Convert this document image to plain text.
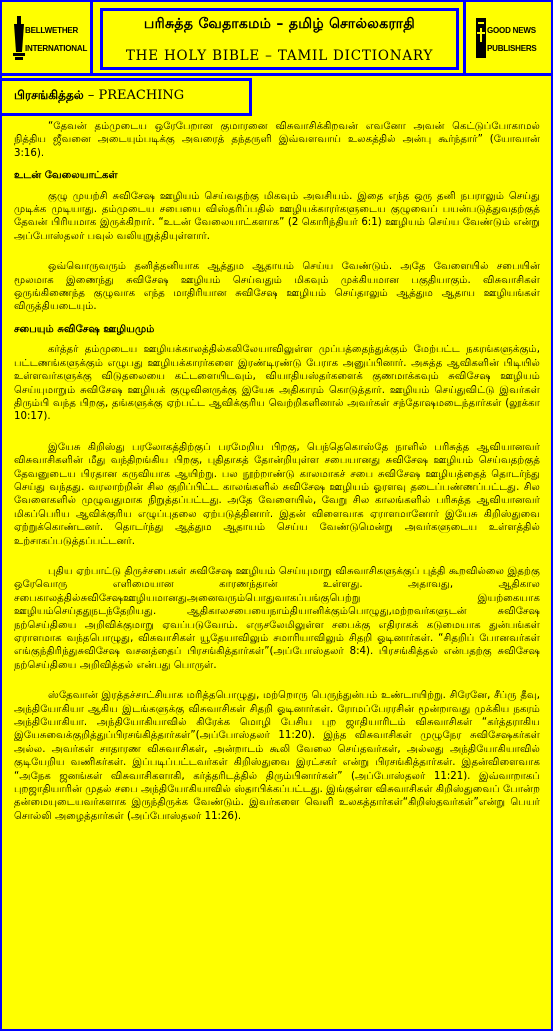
BELLWETHER
INTERNATIONAL
பரிசுத்த வேதாகமம் – தமிழ் சொல்லகராதி
THE HOLY BIBLE – TAMIL DICTIONARY
GOOD NEWS
PUBLISHERS
பிரசங்கித்தல் – PREACHING

“தேவன் தம்முடைய ஒரேபேறான குமாரனை விசுவாசிக்கிறவன் எவனோ அவன் கெட்டுப்போகாமல் நித்திய ஜீவனை அடையும்படிக்கு அவரைத் தந்தருளி இவ்வளவாய் உலகத்தில் அன்பு கூர்ந்தார்” (யோவான் 3:16).

உடன் வேலையாட்கள்

குழு முயற்சி சுவிசேஷ ஊழியம் செய்வதற்கு மிகவும் அவசியம். இதை எந்த ஒரு தனி நபராலும் செய்து முடிக்க முடியாது. தம்முடைய சபையை விஸ்தரிப்பதில் ஊழியக்காரர்களுடைய குழுவைப் பயன்படுத்துவதற்குத் தேவன் பிரியமாக இருக்கிறார். “உடன் வேலையாட்களாக” (2 கொரிந்தியர் 6:1) ஊழியம் செய்ய வேண்டும் என்று அப்போஸ்தலர் பவுல் வலியுறுத்தியுள்ளார்.

ஒவ்வொருவரும் தனித்தனியாக ஆத்தும ஆதாயம் செய்ய வேண்டும். அதே வேளையில் சபையின் மூலமாக இணைந்து சுவிசேஷ ஊழியம் செய்வதும் மிகவும் முக்கியமான பகுதியாகும். விசுவாசிகள் ஒருங்கிணைந்த குழுவாக எந்த மாதிரியான சுவிசேஷ ஊழியம் செய்தாலும் ஆத்தும ஆதாய ஊழியங்கள் விருத்தியடையும்.

சபையும் சுவிசேஷ ஊழியமும்

கர்த்தர் தம்முடைய ஊழியக்காலத்தில்கலிலேயாவிலுள்ள முப்பத்தைந்துக்கும் மேற்பட்ட நகரங்களுக்கும், பட்டணங்களுக்கும் எழுபது ஊழியக்காரர்களை இரண்டிரண்டு பேராக அனுப்பினார். அசுத்த ஆவிகளின் பிடியில் உள்ளவர்களுக்கு விடுதலையை கட்டளையிடவும், வியாதியஸ்தர்களைக் குணமாக்கவும் சுவிசேஷ ஊழியம் செய்யுமாறும் சுவிசேஷ ஊழியக் குழுவினருக்கு இயேசு அதிகாரம் கொடுத்தார். ஊழியம் செய்துவிட்டு இவர்கள் திரும்பி வந்த பிறகு, தங்களுக்கு ஏற்பட்ட ஆவிக்குரிய வெற்றிகளினால் அவர்கள் சந்தோஷமடைந்தார்கள் (லூக்கா 10:17).

இயேசு கிறிஸ்து பரலோகத்திற்குப் பரமேறிய பிறகு, பெந்தெகொஸ்தே நாளில் பரிசுத்த ஆவியானவர் விசுவாசிகளின் மீது வந்திறங்கிய பிறகு, புதிதாகத் தோன்றியுள்ள சபையானது சுவிசேஷ ஊழியம் செய்வதற்குத் தேவனுடைய பிரதான கருவியாக ஆயிற்று. பல நூற்றாண்டு காலமாகச் சபை சுவிசேஷ ஊழியத்தைத் தொடர்ந்து செய்து வந்தது. வரலாற்றின் சில குறிப்பிட்ட காலங்களில் சுவிசேஷ ஊழியம் ஓரளவு தடைப்பண்ணப்பட்டது. சில வேளைகளில் முழுவதுமாக நிறுத்தப்பட்டது. அதே வேளையில், வேறு சில காலங்களில் பரிசுத்த ஆவியானவர் மிகப்பெரிய ஆவிக்குரிய எழுப்புதலை ஏற்படுத்தினார். இதன் விளைவாக ஏராளமானோர் இயேசு கிறிஸ்துவை ஏற்றுக்கொண்டனர். தொடர்ந்து ஆத்தும ஆதாயம் செய்ய வேண்டுமென்று அவர்களுடைய உள்ளத்தில் உற்சாகப்படுத்தப்பட்டனர்.

புதிய ஏற்பாட்டு திருச்சபைகள் சுவிசேஷ ஊழியம் செய்யுமாறு விசுவாசிகளுக்குப் புத்தி கூறவில்லை இதற்கு ஒரேவொரு எளிமையான காரணந்தான் உள்ளது. அதாவது, ஆதிகால சபைகாலத்தில்சுவிசேஷஊழியமானதுஅனைவரும்பொதுவாகப்பங்குபெற்று இயற்கையாக ஊழியம்செய்ததுநடந்தேறியது. ஆதிகாலசபையைநாம்தியானிக்கும்பொழுது,மற்றவர்களுடன் சுவிசேஷ நற்செய்தியை அறிவிக்குமாறு ஏவப்படுவோம். எருசலேமிலுள்ள சபைக்கு எதிராகக் கடுமையாக துன்பங்கள் ஏராளமாக வந்தபொழுது, விசுவாசிகள் யூதேயாவிலும் சமாரியாவிலும் சிதறி ஓடினார்கள். “சிதறிப் போனவர்கள் எங்குந்திரிந்துசுவிசேஷ வசனத்தைப் பிரசங்கித்தார்கள்”(அப்போஸ்தலர் 8:4). பிரசங்கித்தல் என்பதற்கு சுவிசேஷ நற்செய்தியை அறிவித்தல் என்பது பொருள்.

ஸ்தேவான் இரத்தச்சாட்சியாக மரித்தபொழுது, மற்றொரு பெருந்துன்பம் உண்டாயிற்று. சிரேனே, சீப்ரு தீவு, அந்தியோகியா ஆகிய இடங்களுக்கு விசுவாசிகள் சிதறி ஓடினார்கள். ரோமப்பேரரசின் மூன்றாவது முக்கிய நகரம் அந்தியோகியா. அந்தியோகியாவில் கிரேக்க மொழி பேசிய புற ஜாதியாரிடம் விசுவாசிகள் “கர்த்தராகிய இயேசுவைக்குறித்துப்பிரசங்கித்தார்கள்”(அப்போஸ்தலர் 11:20). இந்த விசுவாசிகள் முழுநேர சுவிசேஷகர்கள் அல்ல. அவர்கள் சாதாரண விசுவாசிகள், அன்றாடம் கூலி வேலை செய்தவர்கள், அல்லது அந்தியோகியாவில் குடியேறிய வணிகர்கள். இப்படிப்பட்டவர்கள் கிறிஸ்துவை இரட்சகர் என்று பிரசங்கித்தார்கள். இதன்விளைவாக “அநேக ஜனங்கள் விசுவாசிகளாகி, கர்த்தரிடத்தில் திரும்பினார்கள்” (அப்போஸ்தலர் 11:21). இவ்வாறாகப் புறஜாதியாரின் முதல் சபை அந்தியோகியாவில் ஸ்தாபிக்கப்பட்டது. இங்குள்ள விசுவாசிகள் கிறிஸ்துவைப் போன்ற தன்மையுடையவர்களாக இருந்திருக்க வேண்டும். இவர்களை வெளி உலகத்தார்கள்“கிறிஸ்தவர்கள்”என்று பெயர் சொல்லி அழைத்தார்கள் (அப்போஸ்தலர் 11:26).
